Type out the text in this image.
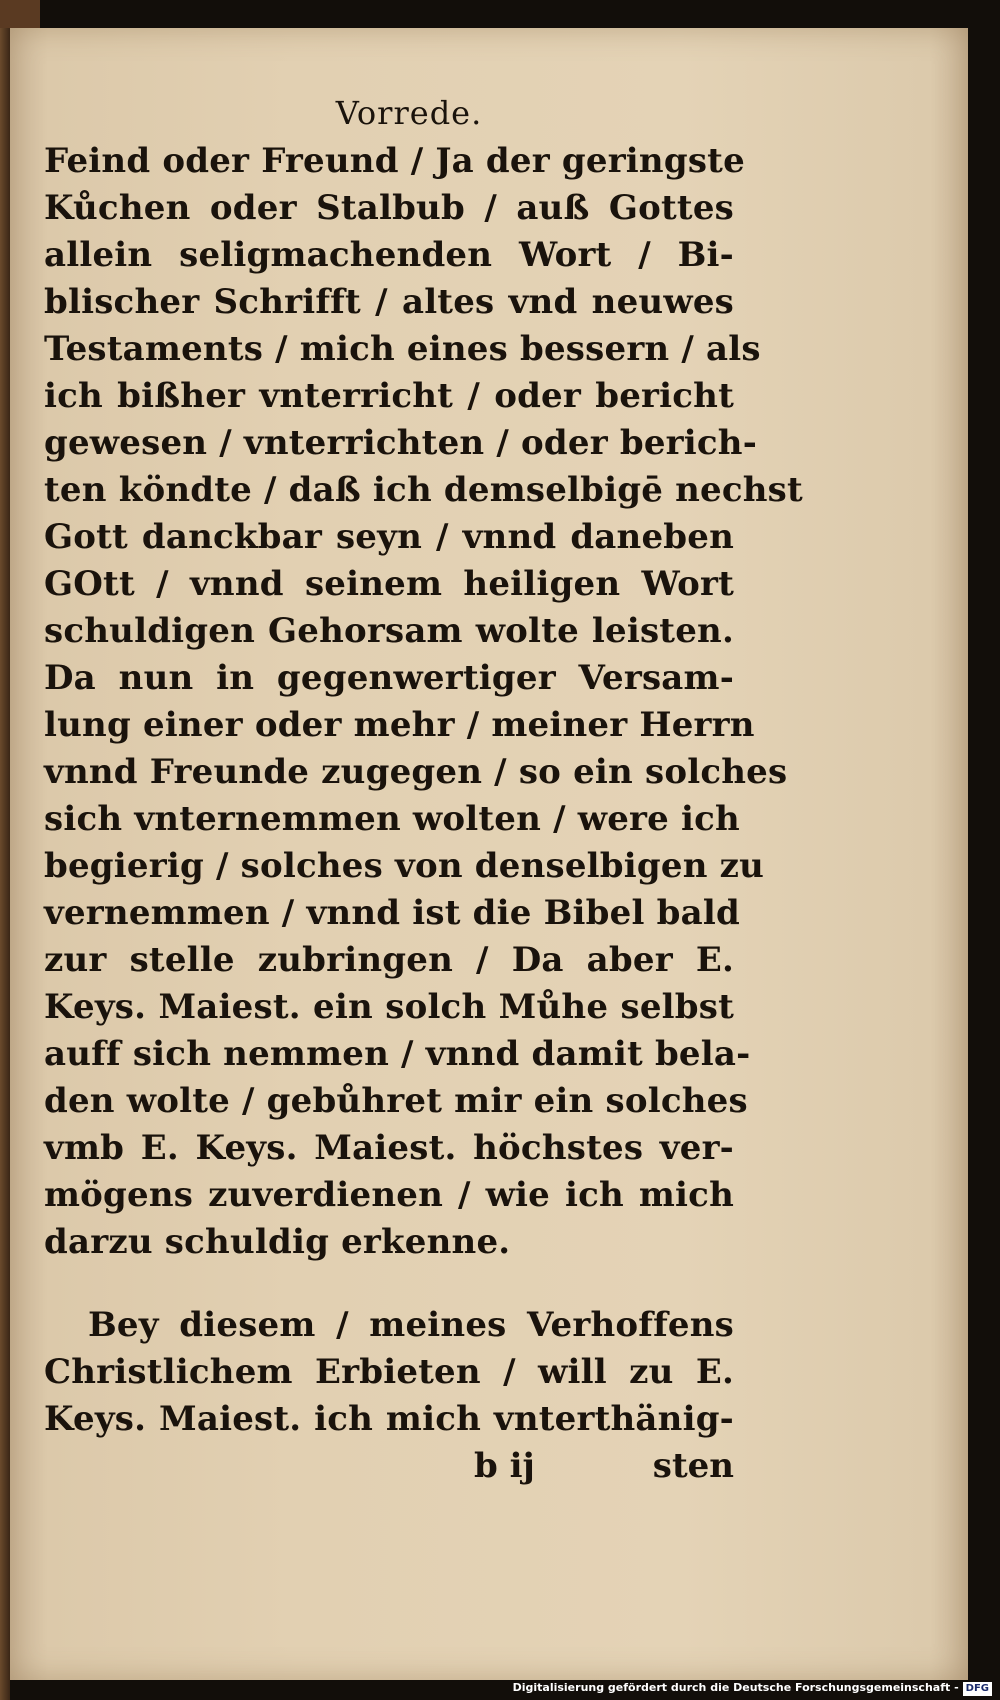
Vorrede.
Feind oder Freund / Ja der geringste
Kůchen oder Stalbub / auß Gottes
allein seligmachenden Wort / Bi-
blischer Schrifft / altes vnd neuwes
Testaments / mich eines bessern / als
ich bißher vnterricht / oder bericht
gewesen / vnterrichten / oder berich-
ten köndte / daß ich demselbigē nechst
Gott danckbar seyn / vnnd daneben
GOtt / vnnd seinem heiligen Wort
schuldigen Gehorsam wolte leisten.
Da nun in gegenwertiger Versam-
lung einer oder mehr / meiner Herrn
vnnd Freunde zugegen / so ein solches
sich vnternemmen wolten / were ich
begierig / solches von denselbigen zu
vernemmen / vnnd ist die Bibel bald
zur stelle zubringen / Da aber E.
Keys. Maiest. ein solch Můhe selbst
auff sich nemmen / vnnd damit bela-
den wolte / gebůhret mir ein solches
vmb E. Keys. Maiest. höchstes ver-
mögens zuverdienen / wie ich mich
darzu schuldig erkenne.
Bey diesem / meines Verhoffens
Christlichem Erbieten / will zu E.
Keys. Maiest. ich mich vnterthänig-
b ij	sten
Digitalisierung gefördert durch die Deutsche Forschungsgemeinschaft - DFG
